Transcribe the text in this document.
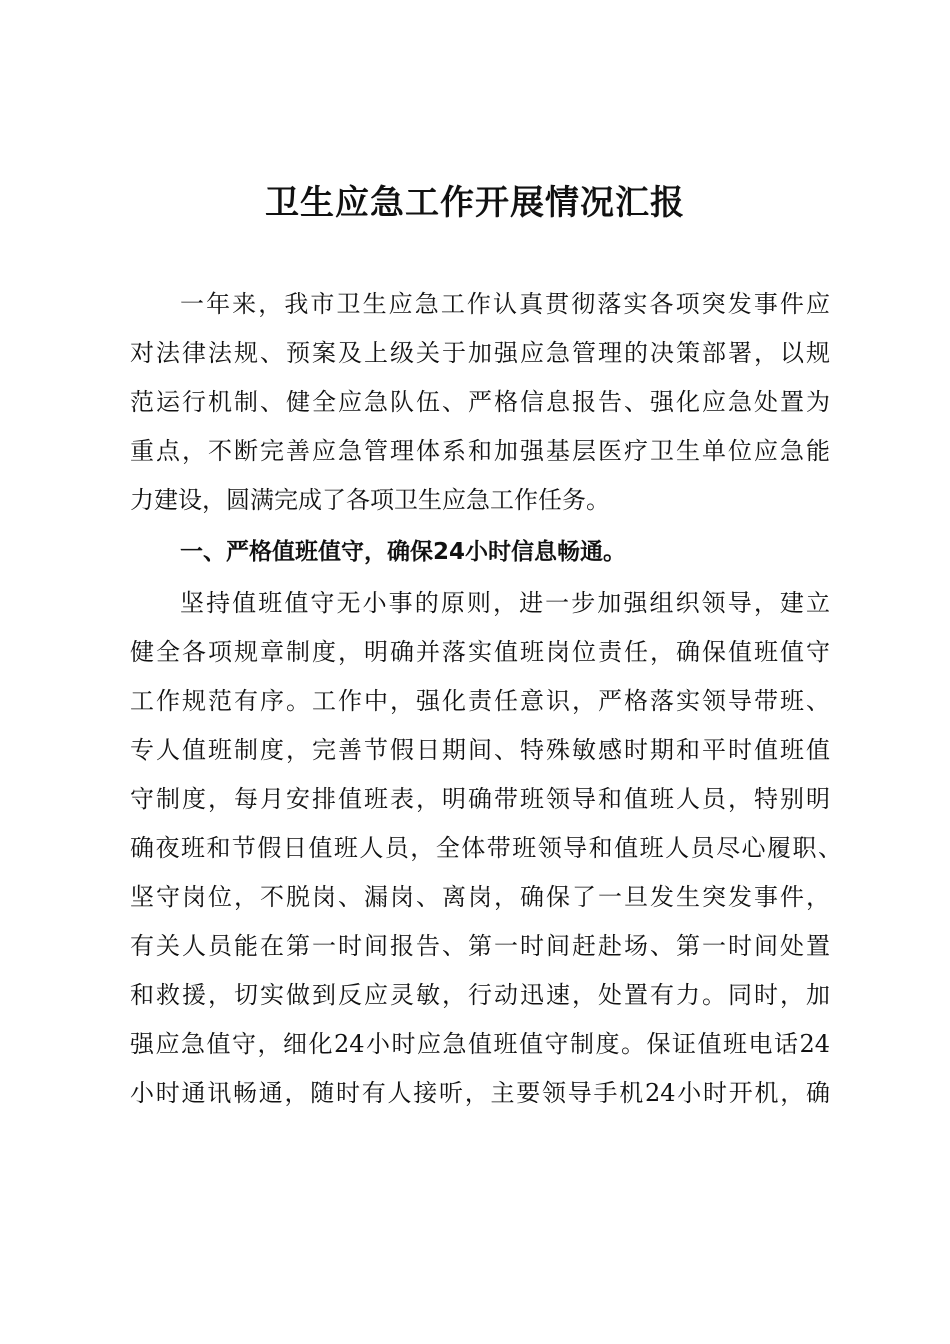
卫生应急工作开展情况汇报
一年来，我市卫生应急工作认真贯彻落实各项突发事件应
对法律法规、预案及上级关于加强应急管理的决策部署，以规
范运行机制、健全应急队伍、严格信息报告、强化应急处置为
重点，不断完善应急管理体系和加强基层医疗卫生单位应急能
力建设，圆满完成了各项卫生应急工作任务。
一、严格值班值守，确保24小时信息畅通。
坚持值班值守无小事的原则，进一步加强组织领导，建立
健全各项规章制度，明确并落实值班岗位责任，确保值班值守
工作规范有序。工作中，强化责任意识，严格落实领导带班、
专人值班制度，完善节假日期间、特殊敏感时期和平时值班值
守制度，每月安排值班表，明确带班领导和值班人员，特别明
确夜班和节假日值班人员，全体带班领导和值班人员尽心履职、
坚守岗位，不脱岗、漏岗、离岗，确保了一旦发生突发事件，
有关人员能在第一时间报告、第一时间赶赴场、第一时间处置
和救援，切实做到反应灵敏，行动迅速，处置有力。同时，加
强应急值守，细化24小时应急值班值守制度。保证值班电话24
小时通讯畅通，随时有人接听，主要领导手机24小时开机，确
